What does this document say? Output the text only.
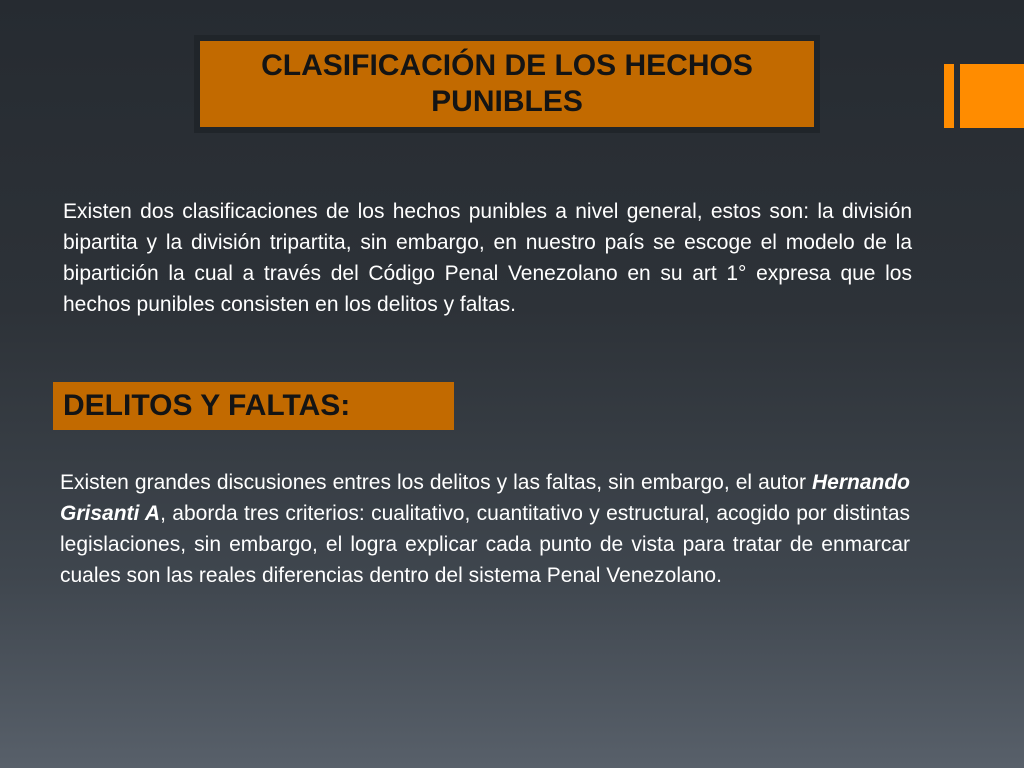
CLASIFICACIÓN DE LOS HECHOS PUNIBLES

Existen dos clasificaciones de los hechos punibles a nivel general, estos son: la división bipartita y la división tripartita, sin embargo, en nuestro país se escoge el modelo de la bipartición la cual a través del Código Penal Venezolano en su art 1° expresa que los hechos punibles consisten en los delitos y faltas.

DELITOS Y FALTAS:

Existen grandes discusiones entres los delitos y las faltas, sin embargo, el autor Hernando Grisanti A, aborda tres criterios: cualitativo, cuantitativo y estructural, acogido por distintas legislaciones, sin embargo, el logra explicar cada punto de vista para tratar de enmarcar cuales son las reales diferencias dentro del sistema Penal Venezolano.
